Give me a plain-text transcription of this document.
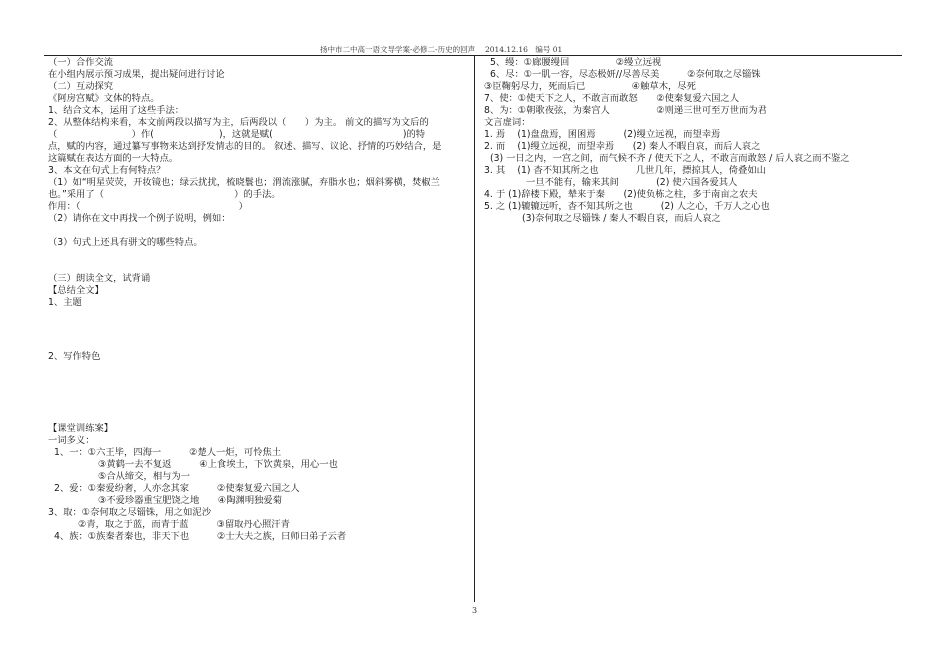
扬中市二中高一语文导学案-必修二-历史的回声　 2014.12.16　编号 01
（一）合作交流
在小组内展示预习成果，提出疑问进行讨论
（二）互动探究
《阿房宫赋》文体的特点。
1、结合文本，运用了这些手法：
2、从整体结构来看，本文前两段以描写为主，后两段以（　　）为主。 前文的描写为文后的
（　　　　　　　　）作(　　　　　　　)，这就是赋(　　　　　　　　　　　　　　)的特
点，赋的内容，通过纂写事物来达到抒发情志的目的。 叙述、描写、议论、抒情的巧妙结合，是
这篇赋在表达方面的一大特点。
3、本文在句式上有何特点？
（1）如“明星荧荧，开妆镜也；绿云扰扰，梳晓鬟也；渭流涨腻，弃脂水也；烟斜雾横，焚椒兰
也。”采用了（　　　　　　　　　　　　　　）的手法。
作用：（　　　　　　　　　　　　　　　　　）
（2）请你在文中再找一个例子说明，例如：
（3）句式上还具有骈文的哪些特点。
（三）朗读全文，试背诵
【总结全文】
1、主题
2、写作特色
【课堂训练案】
一词多义：
1、一：①六王毕，四海一　　　②楚人一炬，可怜焦土
③黄鹤一去不复返　　　④上食埃土，下饮黄泉，用心一也
⑤合从缔交，相与为一
2、爱：①秦爱纷奢，人亦念其家　　　②使秦复爱六国之人
③不爱珍器重宝肥饶之地　　④陶渊明独爱菊
3、取：①奈何取之尽锱铢，用之如泥沙
②青，取之于蓝，而青于蓝　　　③留取丹心照汗青
4、族：①族秦者秦也，非天下也　　　②士大夫之族，曰师曰弟子云者
5、缦：①廊腰缦回　　　　　②缦立远视
6、尽：①一肌一容，尽态极妍//尽善尽美　　　②奈何取之尽锱铢
③臣鞠躬尽力，死而后已　　　　　④触草木，尽死
7、使：①使天下之人，不敢言而敢怒　　②使秦复爱六国之人
8、为：①朝歌夜弦，为秦宫人　　　　　②则递三世可至万世而为君
文言虚词：
1. 焉 　(1)盘盘焉，囷囷焉　　　(2)缦立远视，而望幸焉
2. 而 　(1)缦立远视，而望幸焉　　(2) 秦人不暇自哀，而后人哀之
(3) 一日之内，一宫之间，而气候不齐 / 使天下之人，不敢言而敢怒 / 后人哀之而不鉴之
3. 其 　(1) 杳不知其所之也　　　　几世几年，摽掠其人，倚叠如山
一旦不能有，输来其间　　　　(2) 使六国各爱其人
4. 于 (1)辞楼下殿，辇来于秦　　(2)使负栋之柱，多于南亩之农夫
5. 之 (1)辘辘远听，杳不知其所之也　　　(2) 人之心，千万人之心也
(3)奈何取之尽锱铢 / 秦人不暇自哀，而后人哀之
3
